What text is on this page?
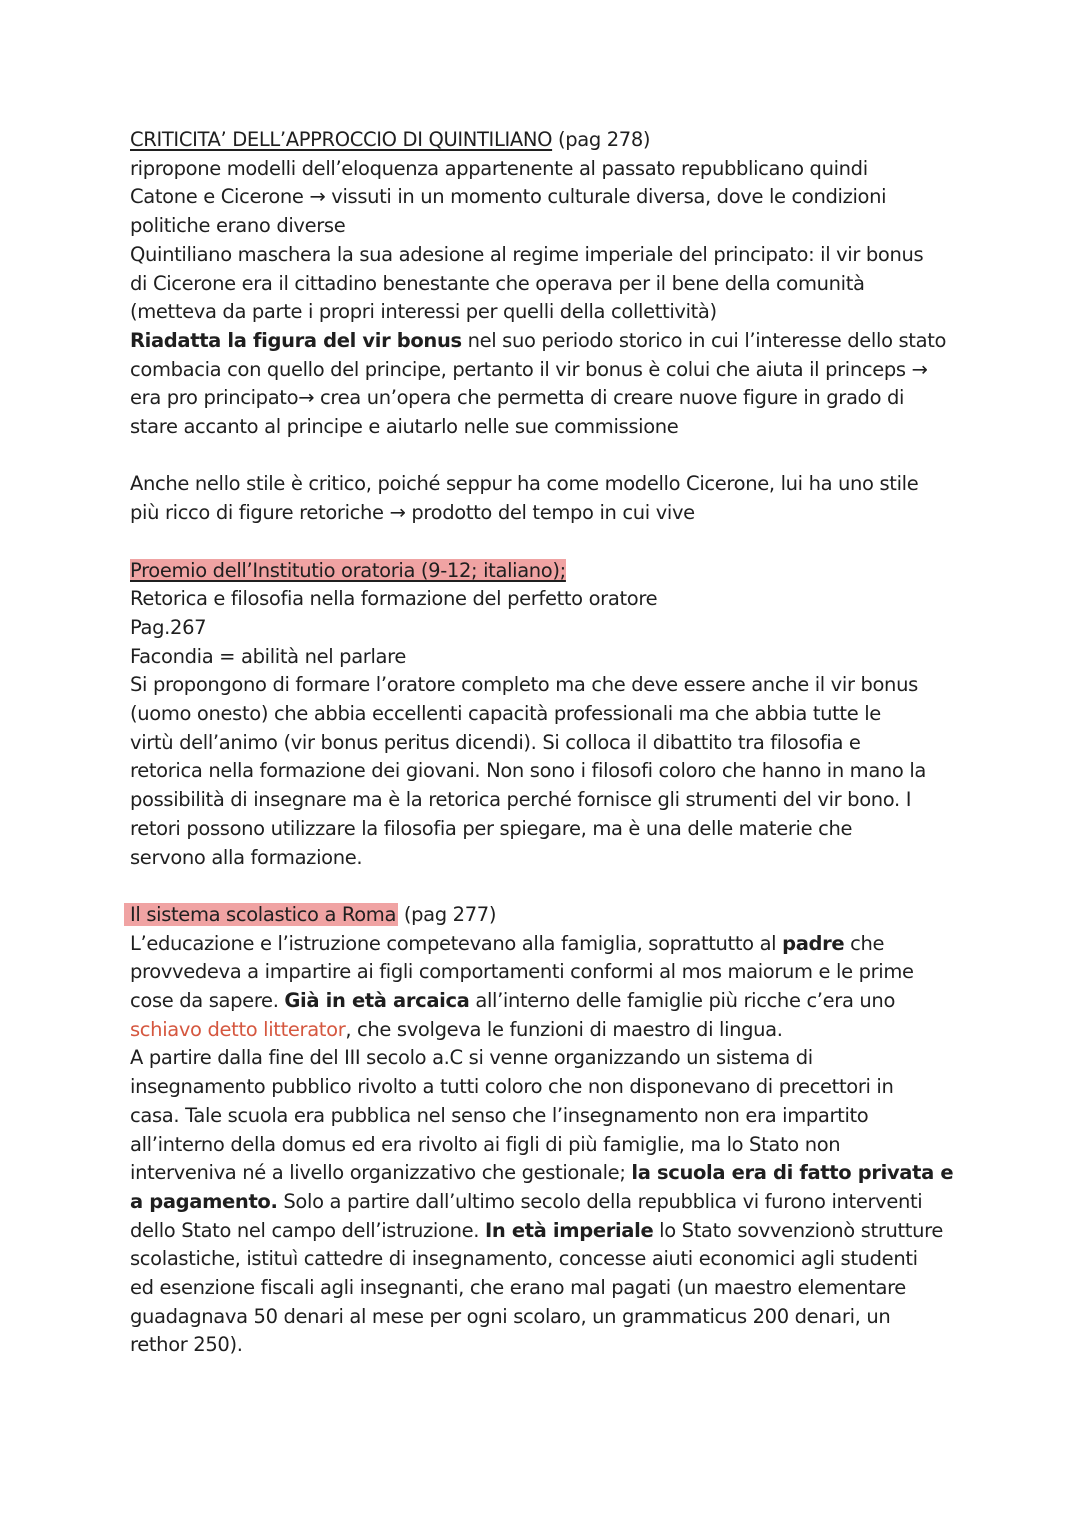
CRITICITA’ DELL’APPROCCIO DI QUINTILIANO (pag 278)
ripropone modelli dell’eloquenza appartenente al passato repubblicano quindi
Catone e Cicerone → vissuti in un momento culturale diversa, dove le condizioni
politiche erano diverse
Quintiliano maschera la sua adesione al regime imperiale del principato: il vir bonus
di Cicerone era il cittadino benestante che operava per il bene della comunità
(metteva da parte i propri interessi per quelli della collettività)
Riadatta la figura del vir bonus nel suo periodo storico in cui l’interesse dello stato
combacia con quello del principe, pertanto il vir bonus è colui che aiuta il princeps →
era pro principato→ crea un’opera che permetta di creare nuove figure in grado di
stare accanto al principe e aiutarlo nelle sue commissione
Anche nello stile è critico, poiché seppur ha come modello Cicerone, lui ha uno stile
più ricco di figure retoriche → prodotto del tempo in cui vive
Proemio dell’Institutio oratoria (9-12; italiano);
Retorica e filosofia nella formazione del perfetto oratore
Pag.267
Facondia = abilità nel parlare
Si propongono di formare l’oratore completo ma che deve essere anche il vir bonus
(uomo onesto) che abbia eccellenti capacità professionali ma che abbia tutte le
virtù dell’animo (vir bonus peritus dicendi). Si colloca il dibattito tra filosofia e
retorica nella formazione dei giovani. Non sono i filosofi coloro che hanno in mano la
possibilità di insegnare ma è la retorica perché fornisce gli strumenti del vir bono. I
retori possono utilizzare la filosofia per spiegare, ma è una delle materie che
servono alla formazione.
Il sistema scolastico a Roma (pag 277)
L’educazione e l’istruzione competevano alla famiglia, soprattutto al padre che
provvedeva a impartire ai figli comportamenti conformi al mos maiorum e le prime
cose da sapere. Già in età arcaica all’interno delle famiglie più ricche c’era uno
schiavo detto litterator, che svolgeva le funzioni di maestro di lingua.
A partire dalla fine del III secolo a.C si venne organizzando un sistema di
insegnamento pubblico rivolto a tutti coloro che non disponevano di precettori in
casa. Tale scuola era pubblica nel senso che l’insegnamento non era impartito
all’interno della domus ed era rivolto ai figli di più famiglie, ma lo Stato non
interveniva né a livello organizzativo che gestionale; la scuola era di fatto privata e
a pagamento. Solo a partire dall’ultimo secolo della repubblica vi furono interventi
dello Stato nel campo dell’istruzione. In età imperiale lo Stato sovvenzionò strutture
scolastiche, istituì cattedre di insegnamento, concesse aiuti economici agli studenti
ed esenzione fiscali agli insegnanti, che erano mal pagati (un maestro elementare
guadagnava 50 denari al mese per ogni scolaro, un grammaticus 200 denari, un
rethor 250).
